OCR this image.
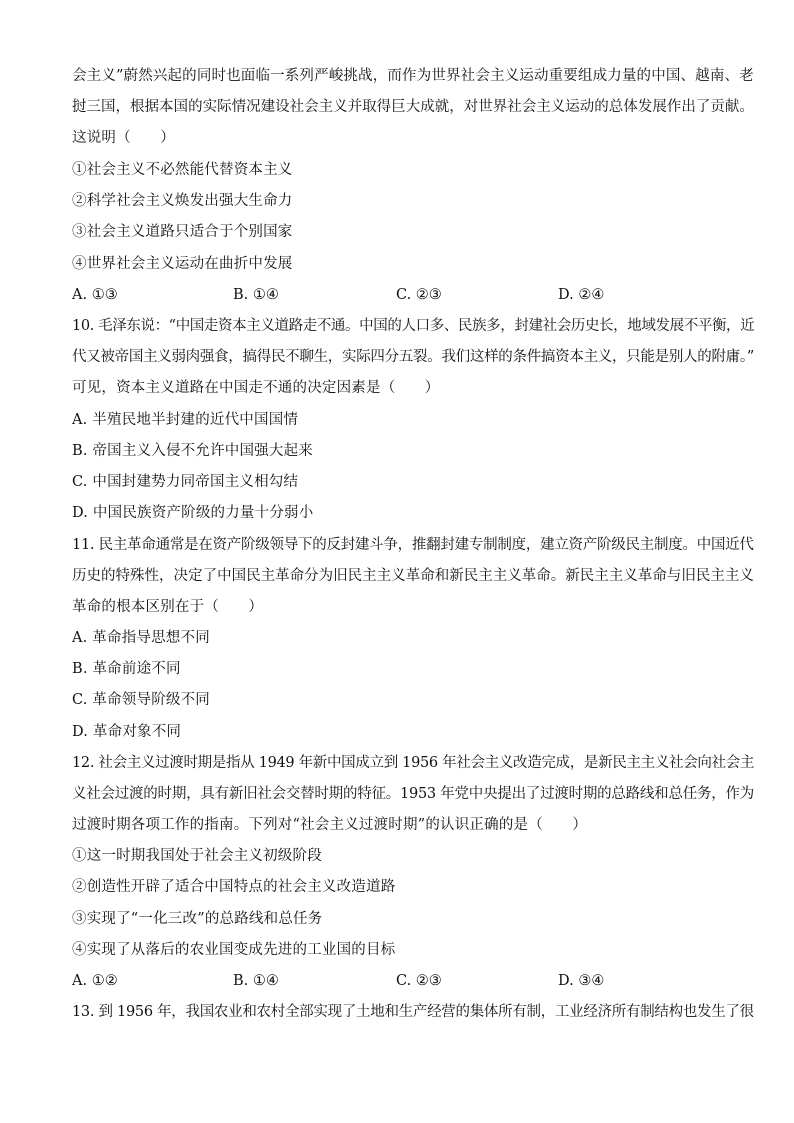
会主义”蔚然兴起的同时也面临一系列严峻挑战，而作为世界社会主义运动重要组成力量的中国、越南、老
挝三国，根据本国的实际情况建设社会主义并取得巨大成就，对世界社会主义运动的总体发展作出了贡献。
这说明（　　）
①社会主义不必然能代替资本主义
②科学社会主义焕发出强大生命力
③社会主义道路只适合于个别国家
④世界社会主义运动在曲折中发展
A. ①③	B. ①④	C. ②③	D. ②④
10. 毛泽东说：“中国走资本主义道路走不通。中国的人口多、民族多，封建社会历史长，地域发展不平衡，近
代又被帝国主义弱肉强食，搞得民不聊生，实际四分五裂。我们这样的条件搞资本主义，只能是别人的附庸。”
可见，资本主义道路在中国走不通的决定因素是（　　）
A. 半殖民地半封建的近代中国国情
B. 帝国主义入侵不允许中国强大起来
C. 中国封建势力同帝国主义相勾结
D. 中国民族资产阶级的力量十分弱小
11. 民主革命通常是在资产阶级领导下的反封建斗争，推翻封建专制制度，建立资产阶级民主制度。中国近代
历史的特殊性，决定了中国民主革命分为旧民主主义革命和新民主主义革命。新民主主义革命与旧民主主义
革命的根本区别在于（　　）
A. 革命指导思想不同
B. 革命前途不同
C. 革命领导阶级不同
D. 革命对象不同
12. 社会主义过渡时期是指从 1949 年新中国成立到 1956 年社会主义改造完成，是新民主主义社会向社会主
义社会过渡的时期，具有新旧社会交替时期的特征。1953 年党中央提出了过渡时期的总路线和总任务，作为
过渡时期各项工作的指南。下列对“社会主义过渡时期”的认识正确的是（　　）
①这一时期我国处于社会主义初级阶段
②创造性开辟了适合中国特点的社会主义改造道路
③实现了“一化三改”的总路线和总任务
④实现了从落后的农业国变成先进的工业国的目标
A. ①②	B. ①④	C. ②③	D. ③④
13. 到 1956 年，我国农业和农村全部实现了土地和生产经营的集体所有制，工业经济所有制结构也发生了很
